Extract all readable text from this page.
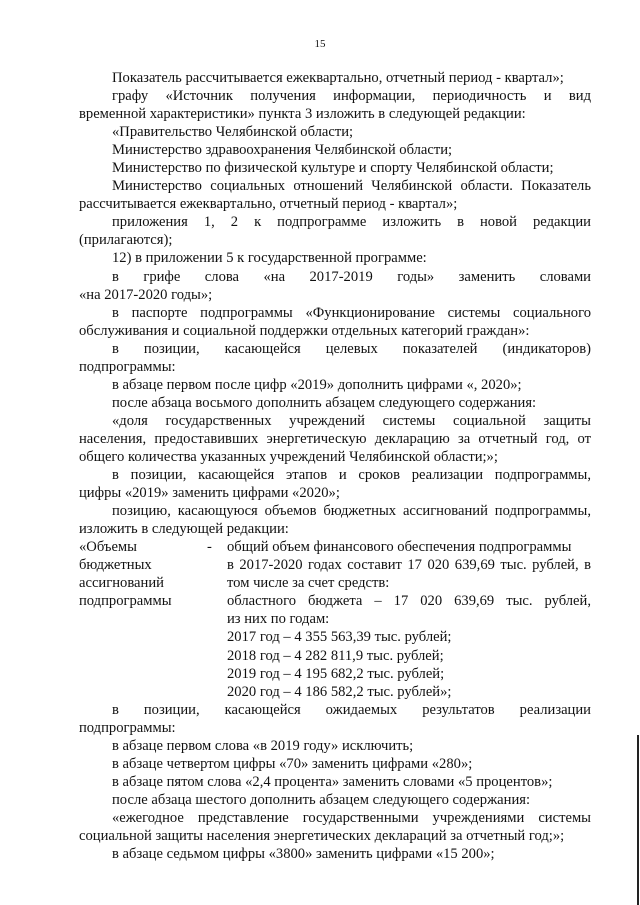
15

Показатель рассчитывается ежеквартально, отчетный период - квартал»;

графу «Источник получения информации, периодичность и вид

временной характеристики» пункта 3 изложить в следующей редакции:

«Правительство Челябинской области;

Министерство здравоохранения Челябинской области;

Министерство по физической культуре и спорту Челябинской области;

Министерство социальных отношений Челябинской области. Показатель

рассчитывается ежеквартально, отчетный период - квартал»;

приложения 1, 2 к подпрограмме изложить в новой редакции

(прилагаются);

12) в приложении 5 к государственной программе:

в грифе слова «на 2017-2019 годы» заменить словами

«на 2017-2020 годы»;

в паспорте подпрограммы «Функционирование системы социального

обслуживания и социальной поддержки отдельных категорий граждан»:

в позиции, касающейся целевых показателей (индикаторов)

подпрограммы:

в абзаце первом после цифр «2019» дополнить цифрами «, 2020»;

после абзаца восьмого дополнить абзацем следующего содержания:

«доля государственных учреждений системы социальной защиты

населения, предоставивших энергетическую декларацию за отчетный год, от

общего количества указанных учреждений Челябинской области;»;

в позиции, касающейся этапов и сроков реализации подпрограммы,

цифры «2019» заменить цифрами «2020»;

позицию, касающуюся объемов бюджетных ассигнований подпрограммы,

изложить в следующей редакции:

«Объемы
бюджетных
ассигнований
подпрограммы
-	общий объем финансового обеспечения подпрограммы
в 2017-2020 годах составит 17 020 639,69 тыс. рублей, в
том числе за счет средств:
областного бюджета – 17 020 639,69 тыс. рублей,
из них по годам:
2017 год – 4 355 563,39 тыс. рублей;
2018 год – 4 282 811,9 тыс. рублей;
2019 год – 4 195 682,2 тыс. рублей;
2020 год – 4 186 582,2 тыс. рублей»;

в позиции, касающейся ожидаемых результатов реализации

подпрограммы:

в абзаце первом слова «в 2019 году» исключить;

в абзаце четвертом цифры «70» заменить цифрами «280»;

в абзаце пятом слова «2,4 процента» заменить словами «5 процентов»;

после абзаца шестого дополнить абзацем следующего содержания:

«ежегодное представление государственными учреждениями системы

социальной защиты населения энергетических деклараций за отчетный год;»;

в абзаце седьмом цифры «3800» заменить цифрами «15 200»;
